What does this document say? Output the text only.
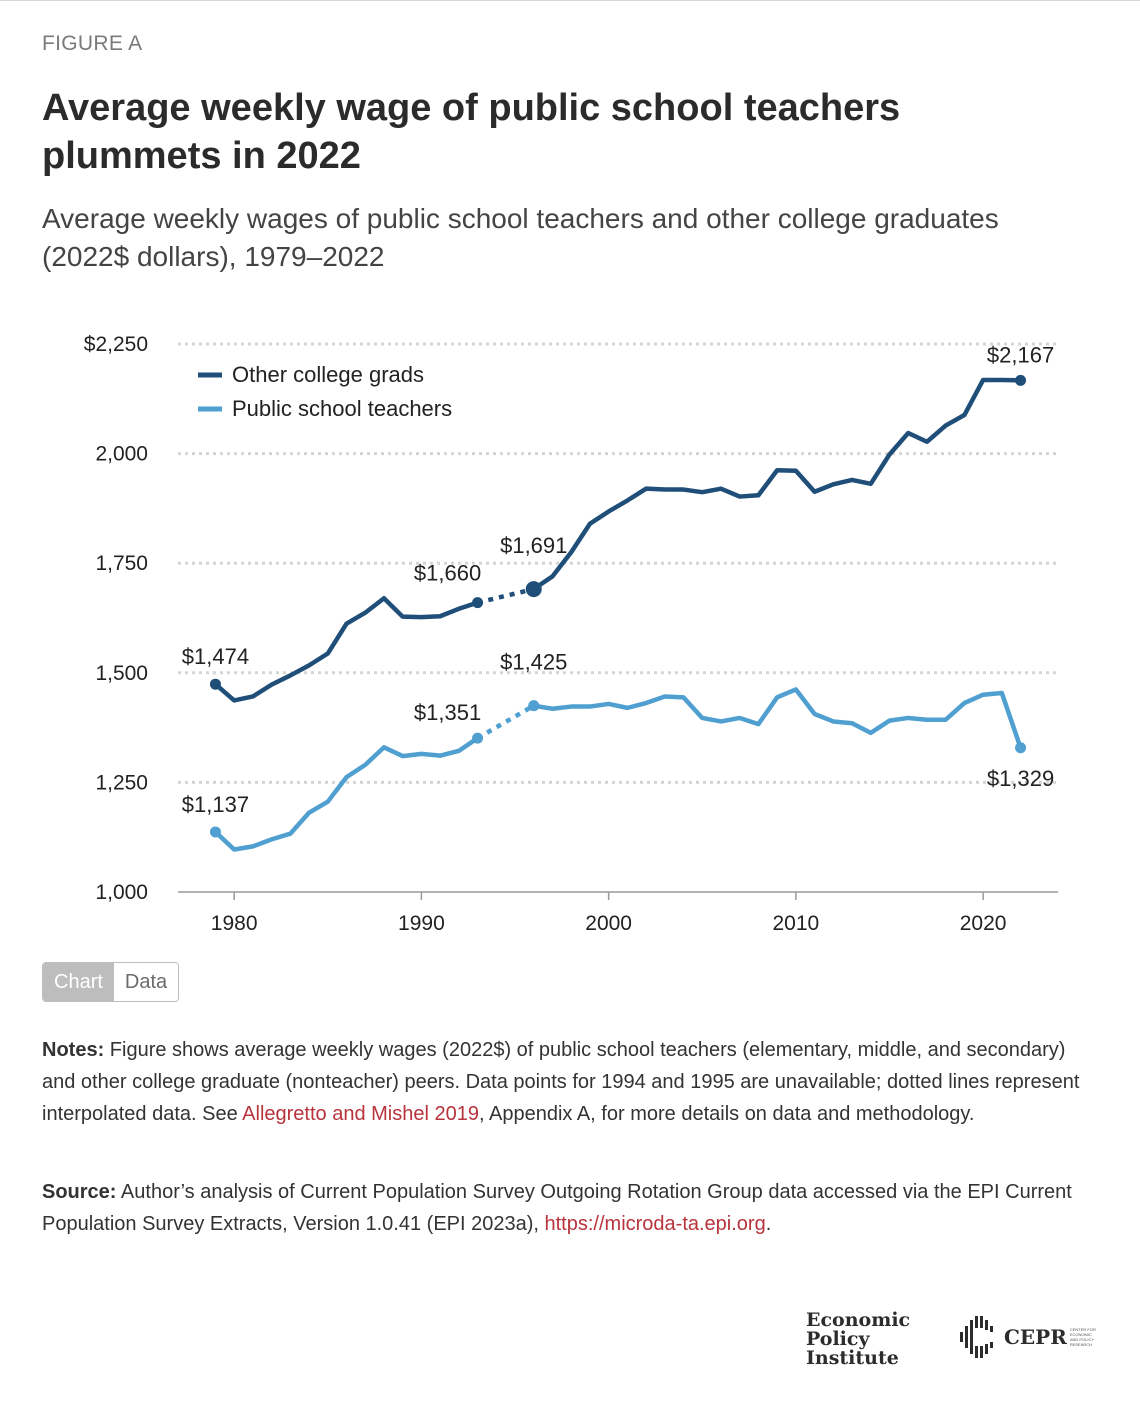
FIGURE A
Average weekly wage of public school teachers plummets in 2022

Average weekly wages of public school teachers and other college graduates (2022$ dollars), 1979–2022

1,000
1,250
1,500
1,750
2,000
$2,250
1980	1990	2000	2010	2020
$1,474
$1,660
$1,691
$2,167
$1,137
$1,351
$1,425
$1,329
Other college grads
Public school teachers
Chart	Data

Notes: Figure shows average weekly wages (2022$) of public school teachers (elementary, middle, and secondary) and other college graduate (nonteacher) peers. Data points for 1994 and 1995 are unavailable; dotted lines represent interpolated data. See Allegretto and Mishel 2019, Appendix A, for more details on data and methodology.

Source: Author’s analysis of Current Population Survey Outgoing Rotation Group data accessed via the EPI Current Population Survey Extracts, Version 1.0.41 (EPI 2023a), https://microda-ta.epi.org.

Economic
Policy
Institute
CEPR CENTER FOR ECONOMIC AND POLICY RESEARCH
